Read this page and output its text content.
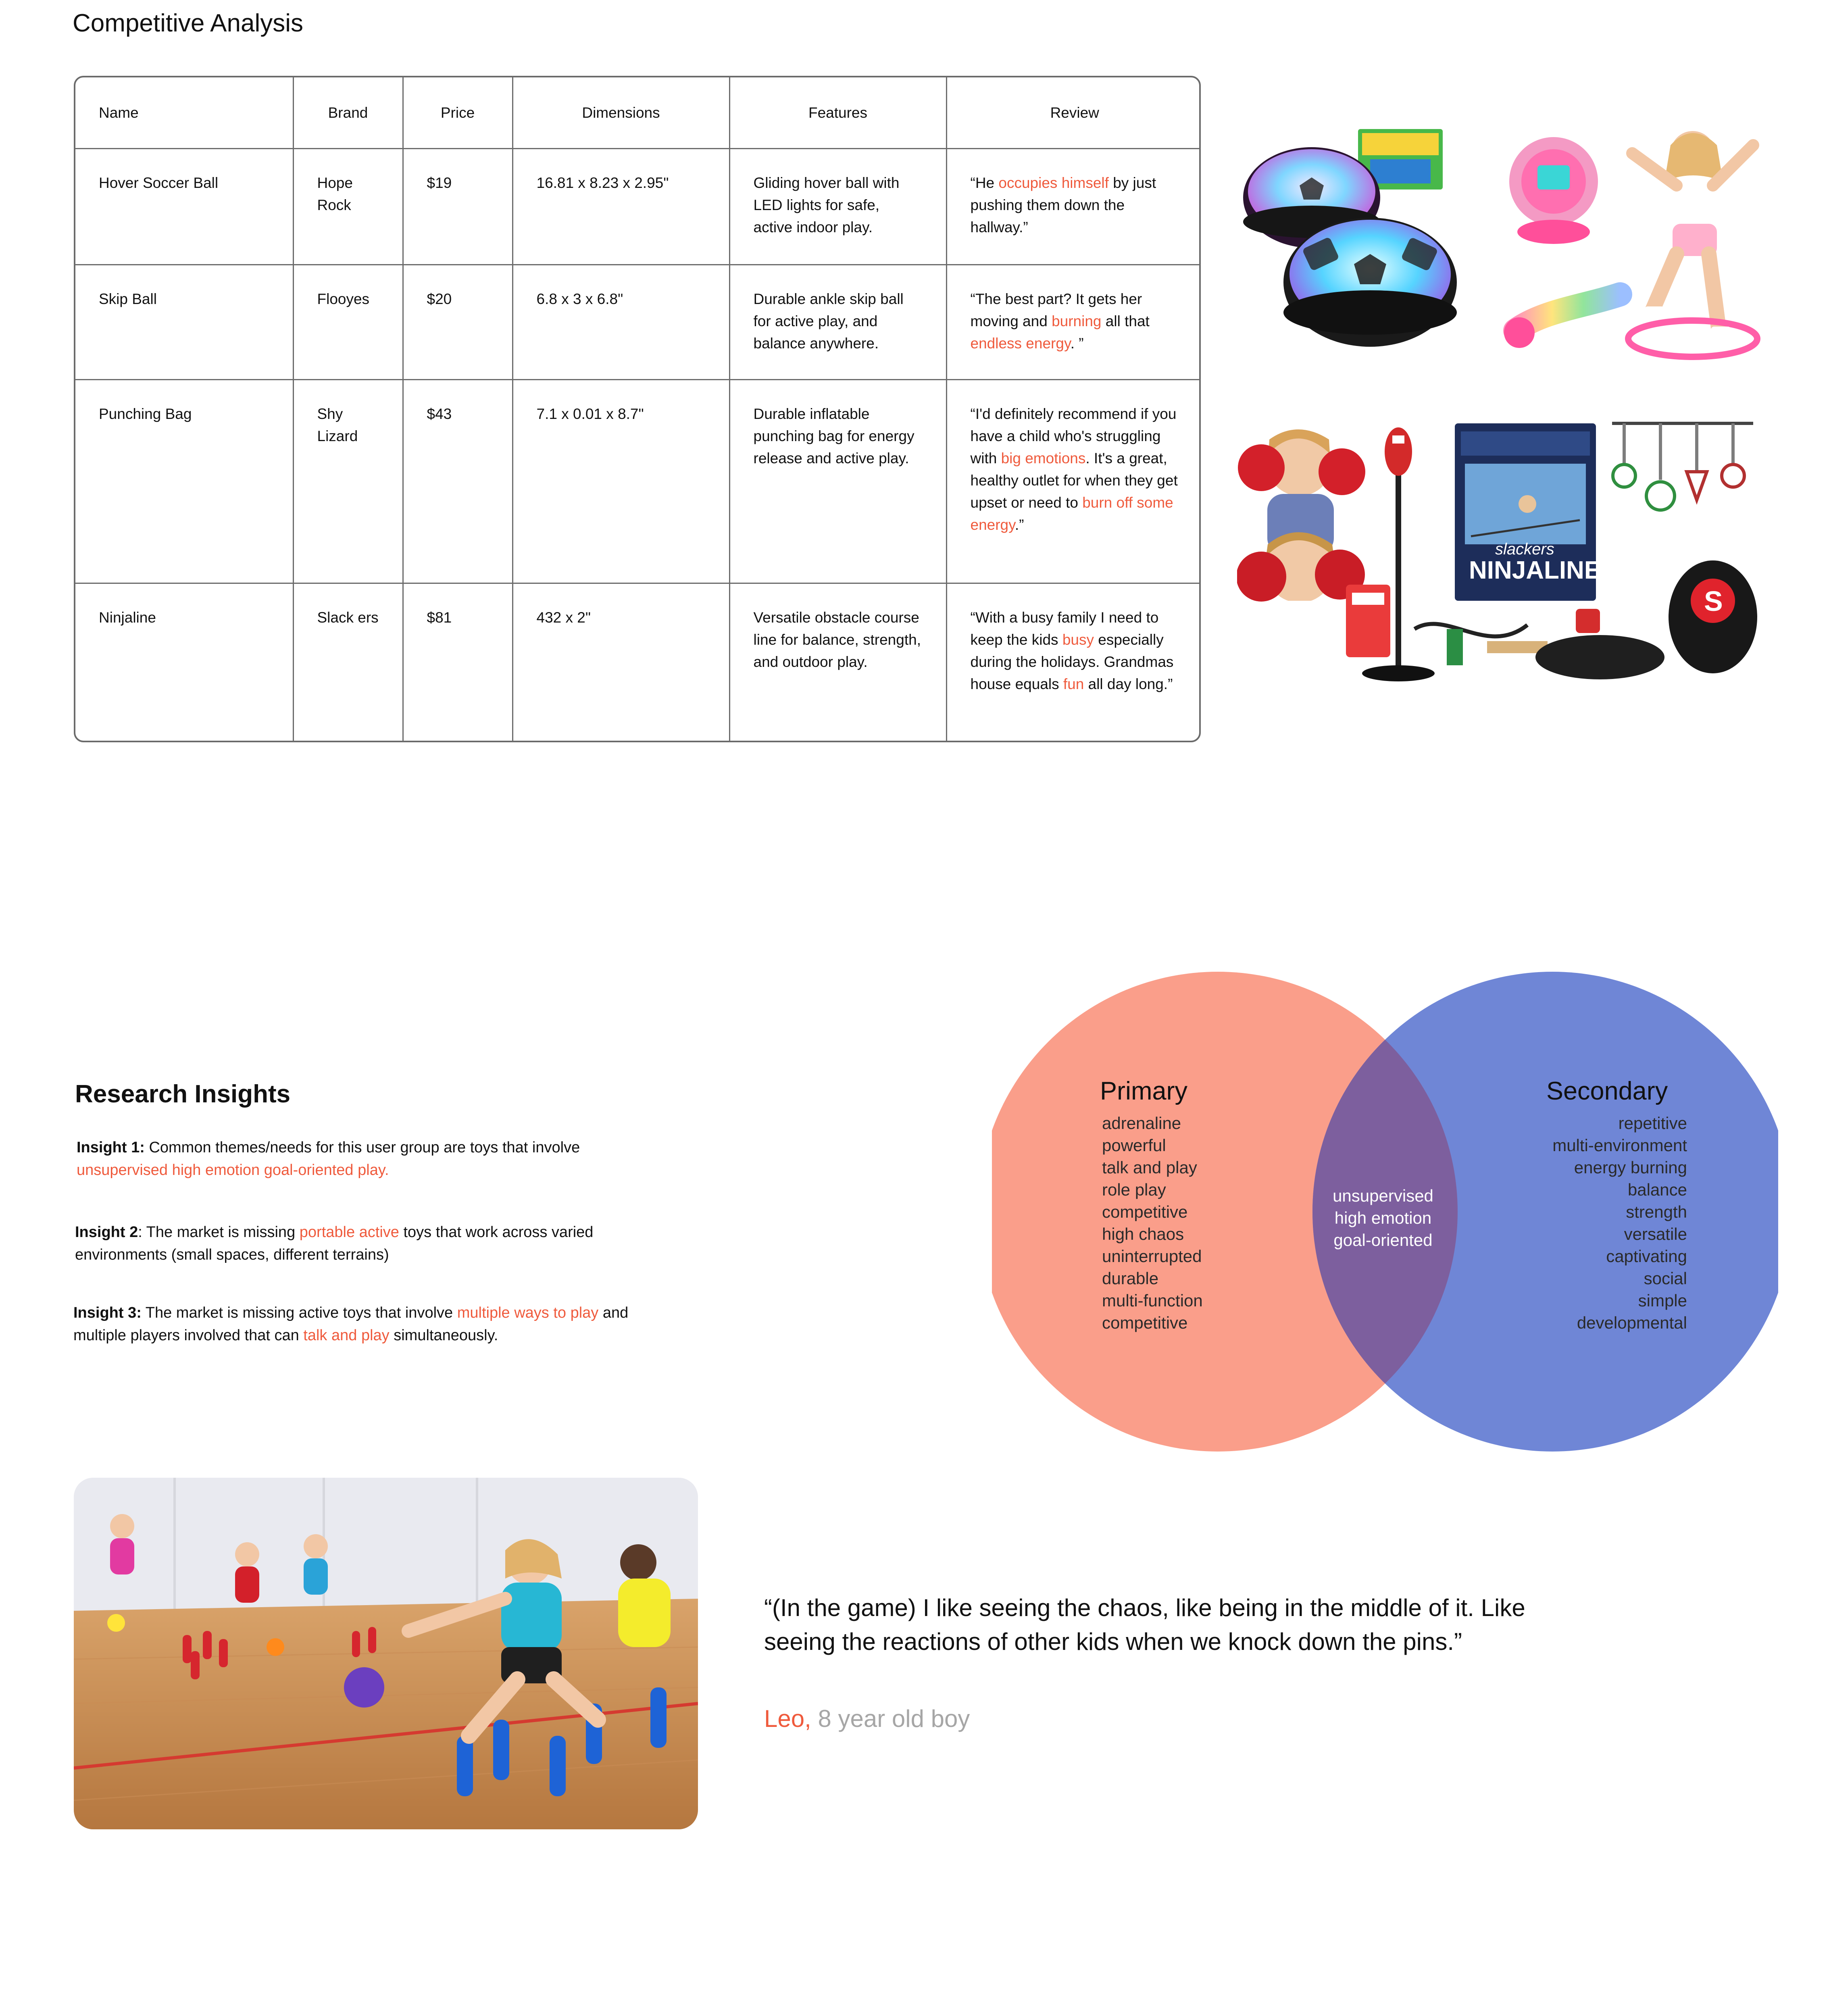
Competitive Analysis
Name	Brand	Price	Dimensions	Features	Review
Hover Soccer Ball	Hope Rock	$19	16.81 x 8.23 x 2.95"	Gliding hover ball with LED lights for safe, active indoor play.	“He occupies himself by just pushing them down the hallway.”
Skip Ball	Flooyes	$20	6.8 x 3 x 6.8"	Durable ankle skip ball for active play, and balance anywhere.	“The best part? It gets her moving and burning all that endless energy. ”
Punching Bag	Shy Lizard	$43	7.1 x 0.01 x 8.7"	Durable inflatable punching bag for energy release and active play.	“I'd definitely recommend if you have a child who's struggling with big emotions. It's a great, healthy outlet for when they get upset or need to burn off some energy.”
Ninjaline	Slack ers	$81	432 x 2"	Versatile obstacle course line for balance, strength, and outdoor play.	“With a busy family I need to keep the kids busy especially during the holidays. Grandmas house equals fun all day long.”
slackers
NINJALINE
S
Research Insights

Insight 1: Common themes/needs for this user group are toys that involve unsupervised high emotion goal-oriented play.

Insight 2: The market is missing portable active toys that work across varied environments (small spaces, different terrains)

Insight 3: The market is missing active toys that involve multiple ways to play and multiple players involved that can talk and play simultaneously.

Primary
adrenaline
powerful
talk and play
role play
competitive
high chaos
uninterrupted
durable
multi-function
competitive
Secondary
repetitive
multi-environment
energy burning
balance
strength
versatile
captivating
social
simple
developmental
unsupervised
high emotion
goal-oriented

“(In the game) I like seeing the chaos, like being in the middle of it. Like seeing the reactions of other kids when we knock down the pins.”

Leo, 8 year old boy
